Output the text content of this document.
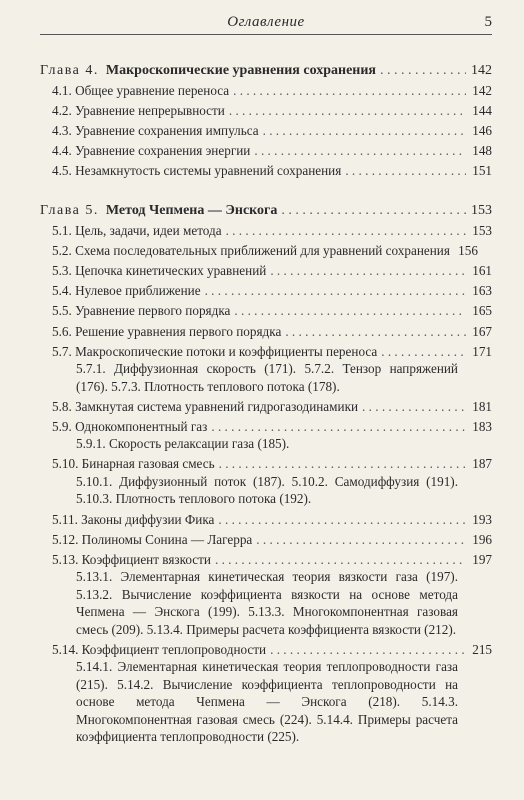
Оглавление	5
Глава 4. Макроскопические уравнения сохранения . . .	142
4.1. Общее уравнение переноса . . .	142
4.2. Уравнение непрерывности . . .	144
4.3. Уравнение сохранения импульса . . .	146
4.4. Уравнение сохранения энергии . . .	148
4.5. Незамкнутость системы уравнений сохранения . . .	151
Глава 5. Метод Чепмена — Энскога . . .	153
5.1. Цель, задачи, идеи метода . . .	153
5.2. Схема последовательных приближений для уравнений сохранения 156
5.3. Цепочка кинетических уравнений . . .	161
5.4. Нулевое приближение . . .	163
5.5. Уравнение первого порядка . . .	165
5.6. Решение уравнения первого порядка . . .	167
5.7. Макроскопические потоки и коэффициенты переноса . . .	171
5.7.1. Диффузионная скорость (171). 5.7.2. Тензор напряжений (176). 5.7.3. Плотность теплового потока (178).
5.8. Замкнутая система уравнений гидрогазодинамики . . .	181
5.9. Однокомпонентный газ . . .	183
5.9.1. Скорость релаксации газа (185).
5.10. Бинарная газовая смесь . . .	187
5.10.1. Диффузионный поток (187). 5.10.2. Самодиффузия (191). 5.10.3. Плотность теплового потока (192).
5.11. Законы диффузии Фика . . .	193
5.12. Полиномы Сонина — Лагерра . . .	196
5.13. Коэффициент вязкости . . .	197
5.13.1. Элементарная кинетическая теория вязкости газа (197). 5.13.2. Вычисление коэффициента вязкости на основе метода Чепмена — Энскога (199). 5.13.3. Многокомпонентная газовая смесь (209). 5.13.4. Примеры расчета коэффициента вязкости (212).
5.14. Коэффициент теплопроводности . . .	215
5.14.1. Элементарная кинетическая теория теплопроводности газа (215). 5.14.2. Вычисление коэффициента теплопроводности на основе метода Чепмена — Энскога (218). 5.14.3. Многокомпонентная газовая смесь (224). 5.14.4. Примеры расчета коэффициента теплопроводности (225).
